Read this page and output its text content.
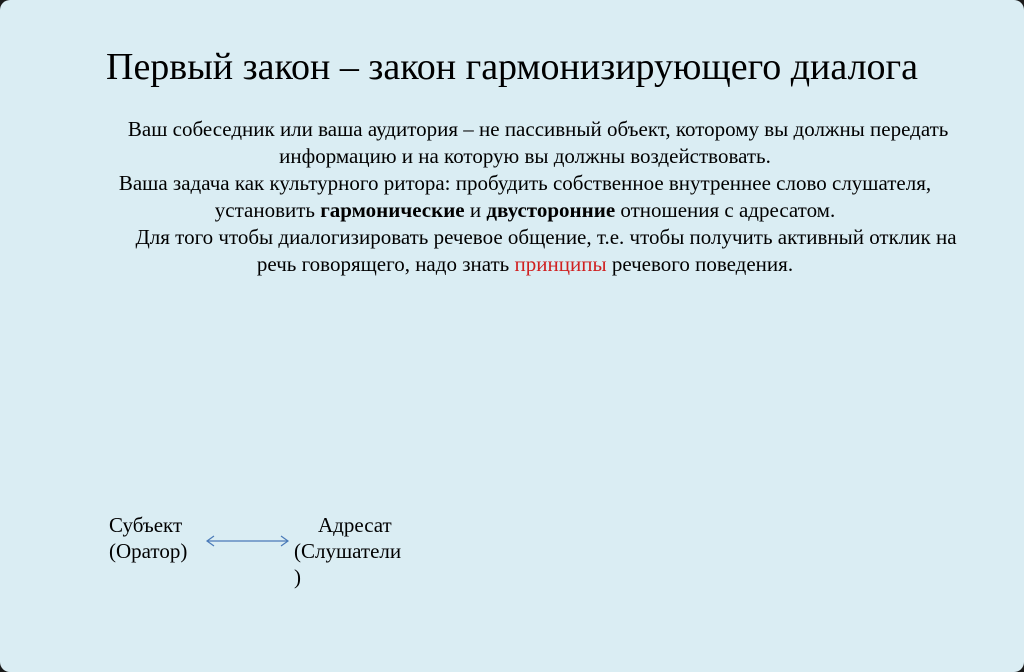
Первый закон – закон гармонизирующего диалога

  Ваш собеседник или ваша аудитория – не пассивный объект, которому вы должны передать информацию и на которую вы должны воздействовать.

Ваша задача как культурного ритора: пробудить собственное внутреннее слово слушателя, установить гармонические и двусторонние отношения с адресатом.

  Для того чтобы диалогизировать речевое общение, т.е. чтобы получить активный отклик на речь говорящего, надо знать принципы речевого поведения.

Субъект
(Оратор)
Адресат
(Слушатели
)
